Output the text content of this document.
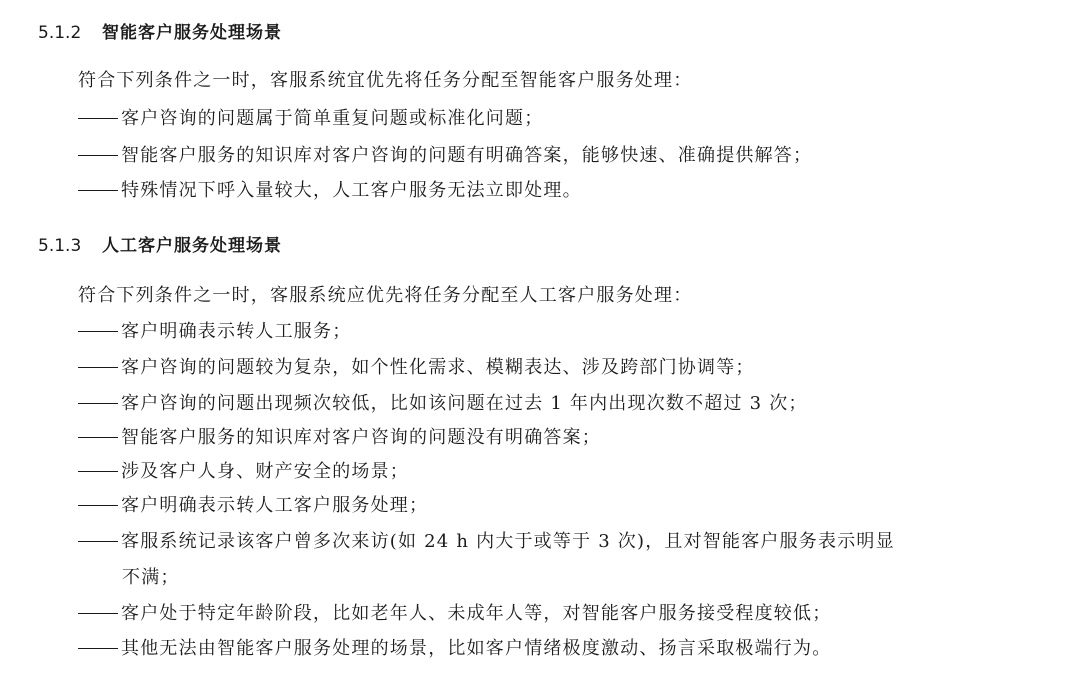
5.1.2 智能客户服务处理场景
符合下列条件之一时，客服系统宜优先将任务分配至智能客户服务处理：
客户咨询的问题属于简单重复问题或标准化问题；
智能客户服务的知识库对客户咨询的问题有明确答案，能够快速、准确提供解答；
特殊情况下呼入量较大，人工客户服务无法立即处理。
5.1.3 人工客户服务处理场景
符合下列条件之一时，客服系统应优先将任务分配至人工客户服务处理：
客户明确表示转人工服务；
客户咨询的问题较为复杂，如个性化需求、模糊表达、涉及跨部门协调等；
客户咨询的问题出现频次较低，比如该问题在过去 1 年内出现次数不超过 3 次；
智能客户服务的知识库对客户咨询的问题没有明确答案；
涉及客户人身、财产安全的场景；
客户明确表示转人工客户服务处理；
客服系统记录该客户曾多次来访(如 24 h 内大于或等于 3 次)，且对智能客户服务表示明显
不满；
客户处于特定年龄阶段，比如老年人、未成年人等，对智能客户服务接受程度较低；
其他无法由智能客户服务处理的场景，比如客户情绪极度激动、扬言采取极端行为。
